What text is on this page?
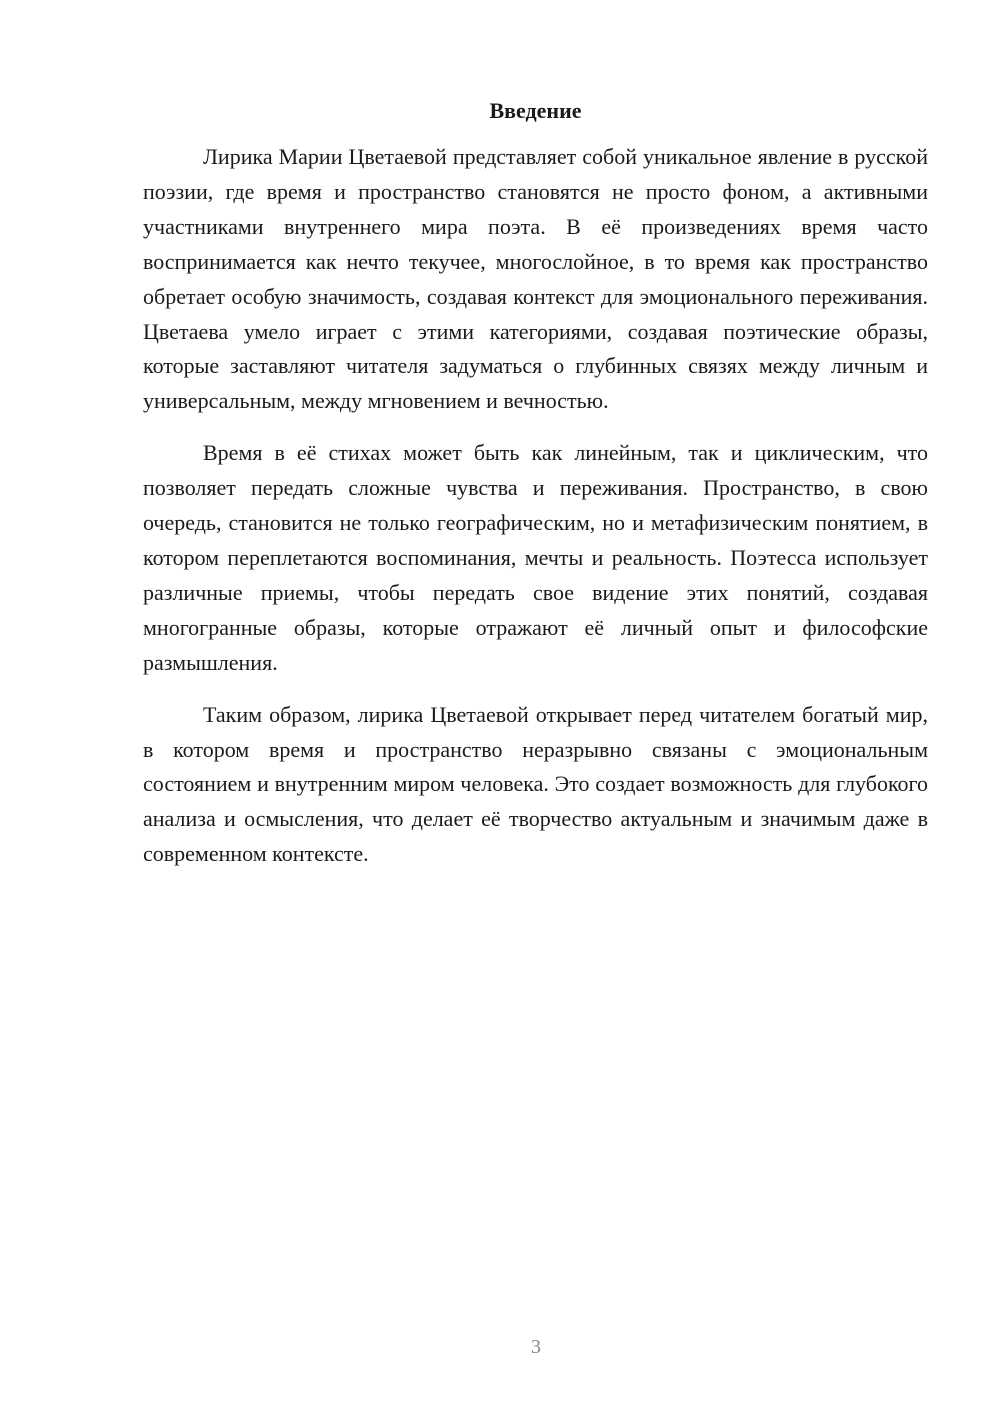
Введение

Лирика Марии Цветаевой представляет собой уникальное явление в русской поэзии, где время и пространство становятся не просто фоном, а активными участниками внутреннего мира поэта. В её произведениях время часто воспринимается как нечто текучее, многослойное, в то время как пространство обретает особую значимость, создавая контекст для эмоционального переживания. Цветаева умело играет с этими категориями, создавая поэтические образы, которые заставляют читателя задуматься о глубинных связях между личным и универсальным, между мгновением и вечностью.

Время в её стихах может быть как линейным, так и циклическим, что позволяет передать сложные чувства и переживания. Пространство, в свою очередь, становится не только географическим, но и метафизическим понятием, в котором переплетаются воспоминания, мечты и реальность. Поэтесса использует различные приемы, чтобы передать свое видение этих понятий, создавая многогранные образы, которые отражают её личный опыт и философские размышления.

Таким образом, лирика Цветаевой открывает перед читателем богатый мир, в котором время и пространство неразрывно связаны с эмоциональным состоянием и внутренним миром человека. Это создает возможность для глубокого анализа и осмысления, что делает её творчество актуальным и значимым даже в современном контексте.

3
